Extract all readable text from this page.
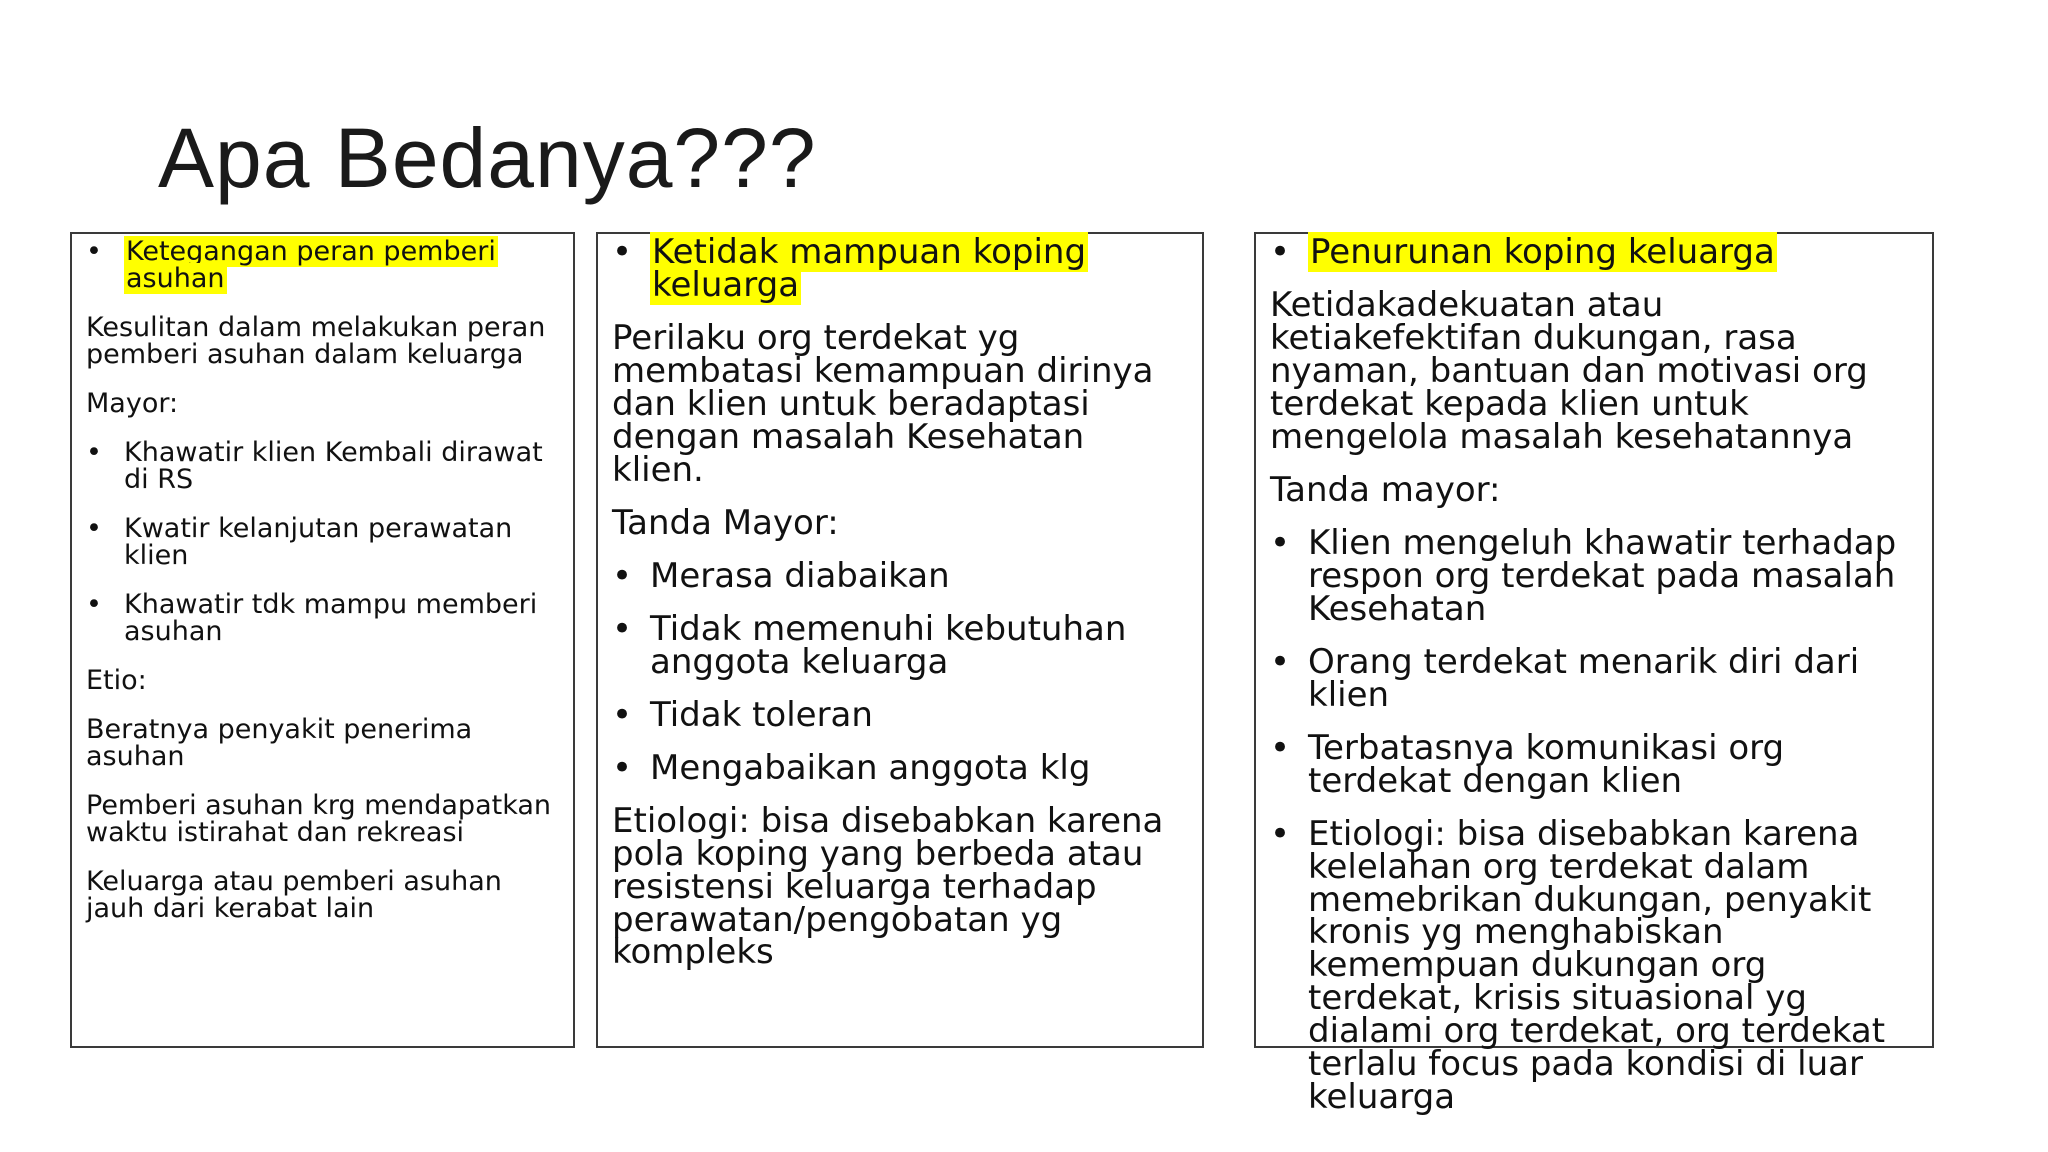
Apa Bedanya???
• Ketegangan peran pemberi asuhan

Kesulitan dalam melakukan peran pemberi asuhan dalam keluarga

Mayor:

• Khawatir klien Kembali dirawat di RS
• Kwatir kelanjutan perawatan klien
• Khawatir tdk mampu memberi asuhan

Etio:

Beratnya penyakit penerima asuhan

Pemberi asuhan krg mendapatkan waktu istirahat dan rekreasi

Keluarga atau pemberi asuhan jauh dari kerabat lain

• Ketidak mampuan koping keluarga

Perilaku org terdekat yg membatasi kemampuan dirinya dan klien untuk beradaptasi dengan masalah Kesehatan klien.

Tanda Mayor:

• Merasa diabaikan
• Tidak memenuhi kebutuhan anggota keluarga
• Tidak toleran
• Mengabaikan anggota klg

Etiologi: bisa disebabkan karena pola koping yang berbeda atau resistensi keluarga terhadap perawatan/pengobatan yg kompleks

• Penurunan koping keluarga

Ketidakadekuatan atau ketiakefektifan dukungan, rasa nyaman, bantuan dan motivasi org terdekat kepada klien untuk mengelola masalah kesehatannya

Tanda mayor:

• Klien mengeluh khawatir terhadap respon org terdekat pada masalah Kesehatan
• Orang terdekat menarik diri dari klien
• Terbatasnya komunikasi org terdekat dengan klien
• Etiologi: bisa disebabkan karena kelelahan org terdekat dalam memebrikan dukungan, penyakit kronis yg menghabiskan kemempuan dukungan org terdekat, krisis situasional yg dialami org terdekat, org terdekat terlalu focus pada kondisi di luar keluarga
